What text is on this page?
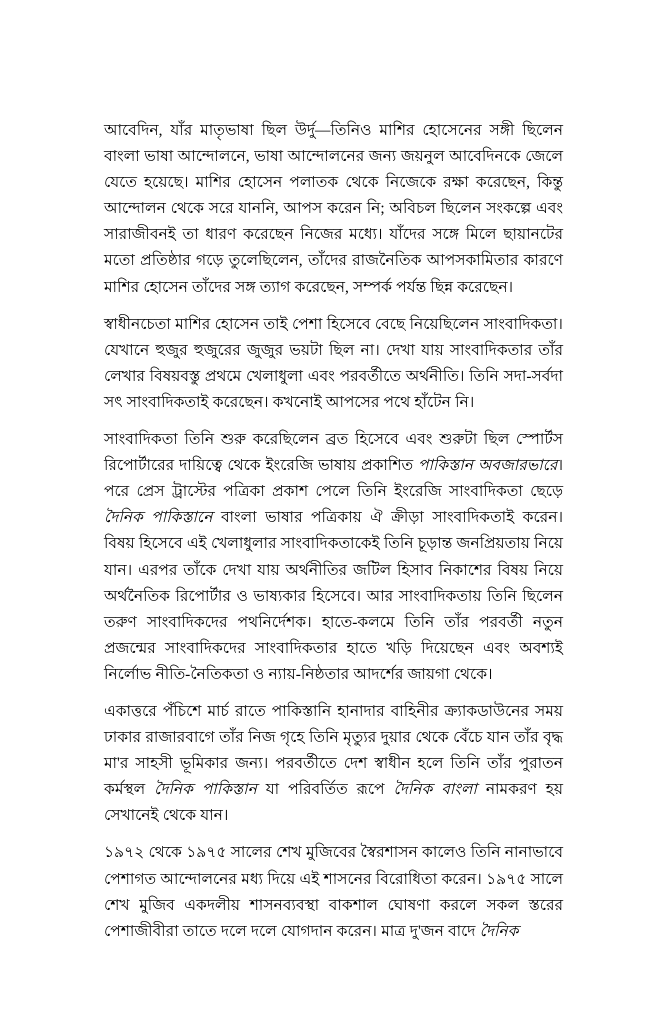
আবেদিন, যাঁর মাতৃভাষা ছিল উর্দু—তিনিও মাশির হোসেনের সঙ্গী ছিলেন বাংলা ভাষা আন্দোলনে, ভাষা আন্দোলনের জন্য জয়নুল আবেদিনকে জেলে যেতে হয়েছে। মাশির হোসেন পলাতক থেকে নিজেকে রক্ষা করেছেন, কিন্তু আন্দোলন থেকে সরে যাননি, আপস করেন নি; অবিচল ছিলেন সংকল্পে এবং সারাজীবনই তা ধারণ করেছেন নিজের মধ্যে। যাঁদের সঙ্গে মিলে ছায়ানটের মতো প্রতিষ্ঠার গড়ে তুলেছিলেন, তাঁদের রাজনৈতিক আপসকামিতার কারণে মাশির হোসেন তাঁদের সঙ্গ ত্যাগ করেছেন, সম্পর্ক পর্যন্ত ছিন্ন করেছেন।

স্বাধীনচেতা মাশির হোসেন তাই পেশা হিসেবে বেছে নিয়েছিলেন সাংবাদিকতা। যেখানে হুজুর হুজুরের জুজুর ভয়টা ছিল না। দেখা যায় সাংবাদিকতার তাঁর লেখার বিষয়বস্তু প্রথমে খেলাধুলা এবং পরবর্তীতে অর্থনীতি। তিনি সদা-সর্বদা সৎ সাংবাদিকতাই করেছেন। কখনোই আপসের পথে হাঁটেন নি।

সাংবাদিকতা তিনি শুরু করেছিলেন ব্রত হিসেবে এবং শুরুটা ছিল স্পোর্টস রিপোর্টারের দায়িত্বে থেকে ইংরেজি ভাষায় প্রকাশিত পাকিস্তান অবজারভারে। পরে প্রেস ট্রাস্টের পত্রিকা প্রকাশ পেলে তিনি ইংরেজি সাংবাদিকতা ছেড়ে দৈনিক পাকিস্তানে বাংলা ভাষার পত্রিকায় ঐ ক্রীড়া সাংবাদিকতাই করেন। বিষয় হিসেবে এই খেলাধুলার সাংবাদিকতাকেই তিনি চূড়ান্ত জনপ্রিয়তায় নিয়ে যান। এরপর তাঁকে দেখা যায় অর্থনীতির জটিল হিসাব নিকাশের বিষয় নিয়ে অর্থনৈতিক রিপোর্টার ও ভাষ্যকার হিসেবে। আর সাংবাদিকতায় তিনি ছিলেন তরুণ সাংবাদিকদের পথনির্দেশক। হাতে-কলমে তিনি তাঁর পরবর্তী নতুন প্রজন্মের সাংবাদিকদের সাংবাদিকতার হাতে খড়ি দিয়েছেন এবং অবশ্যই নির্লোভ নীতি-নৈতিকতা ও ন্যায়-নিষ্ঠতার আদর্শের জায়গা থেকে।

একাত্তরে পঁচিশে মার্চ রাতে পাকিস্তানি হানাদার বাহিনীর ক্র্যাকডাউনের সময় ঢাকার রাজারবাগে তাঁর নিজ গৃহে তিনি মৃত্যুর দুয়ার থেকে বেঁচে যান তাঁর বৃদ্ধ মা'র সাহসী ভূমিকার জন্য। পরবর্তীতে দেশ স্বাধীন হলে তিনি তাঁর পুরাতন কর্মস্থল দৈনিক পাকিস্তান যা পরিবর্তিত রূপে দৈনিক বাংলা নামকরণ হয় সেখানেই থেকে যান।

১৯৭২ থেকে ১৯৭৫ সালের শেখ মুজিবের স্বৈরশাসন কালেও তিনি নানাভাবে পেশাগত আন্দোলনের মধ্য দিয়ে এই শাসনের বিরোধিতা করেন। ১৯৭৫ সালে শেখ মুজিব একদলীয় শাসনব্যবস্থা বাকশাল ঘোষণা করলে সকল স্তরের পেশাজীবীরা তাতে দলে দলে যোগদান করেন। মাত্র দু'জন বাদে দৈনিক
